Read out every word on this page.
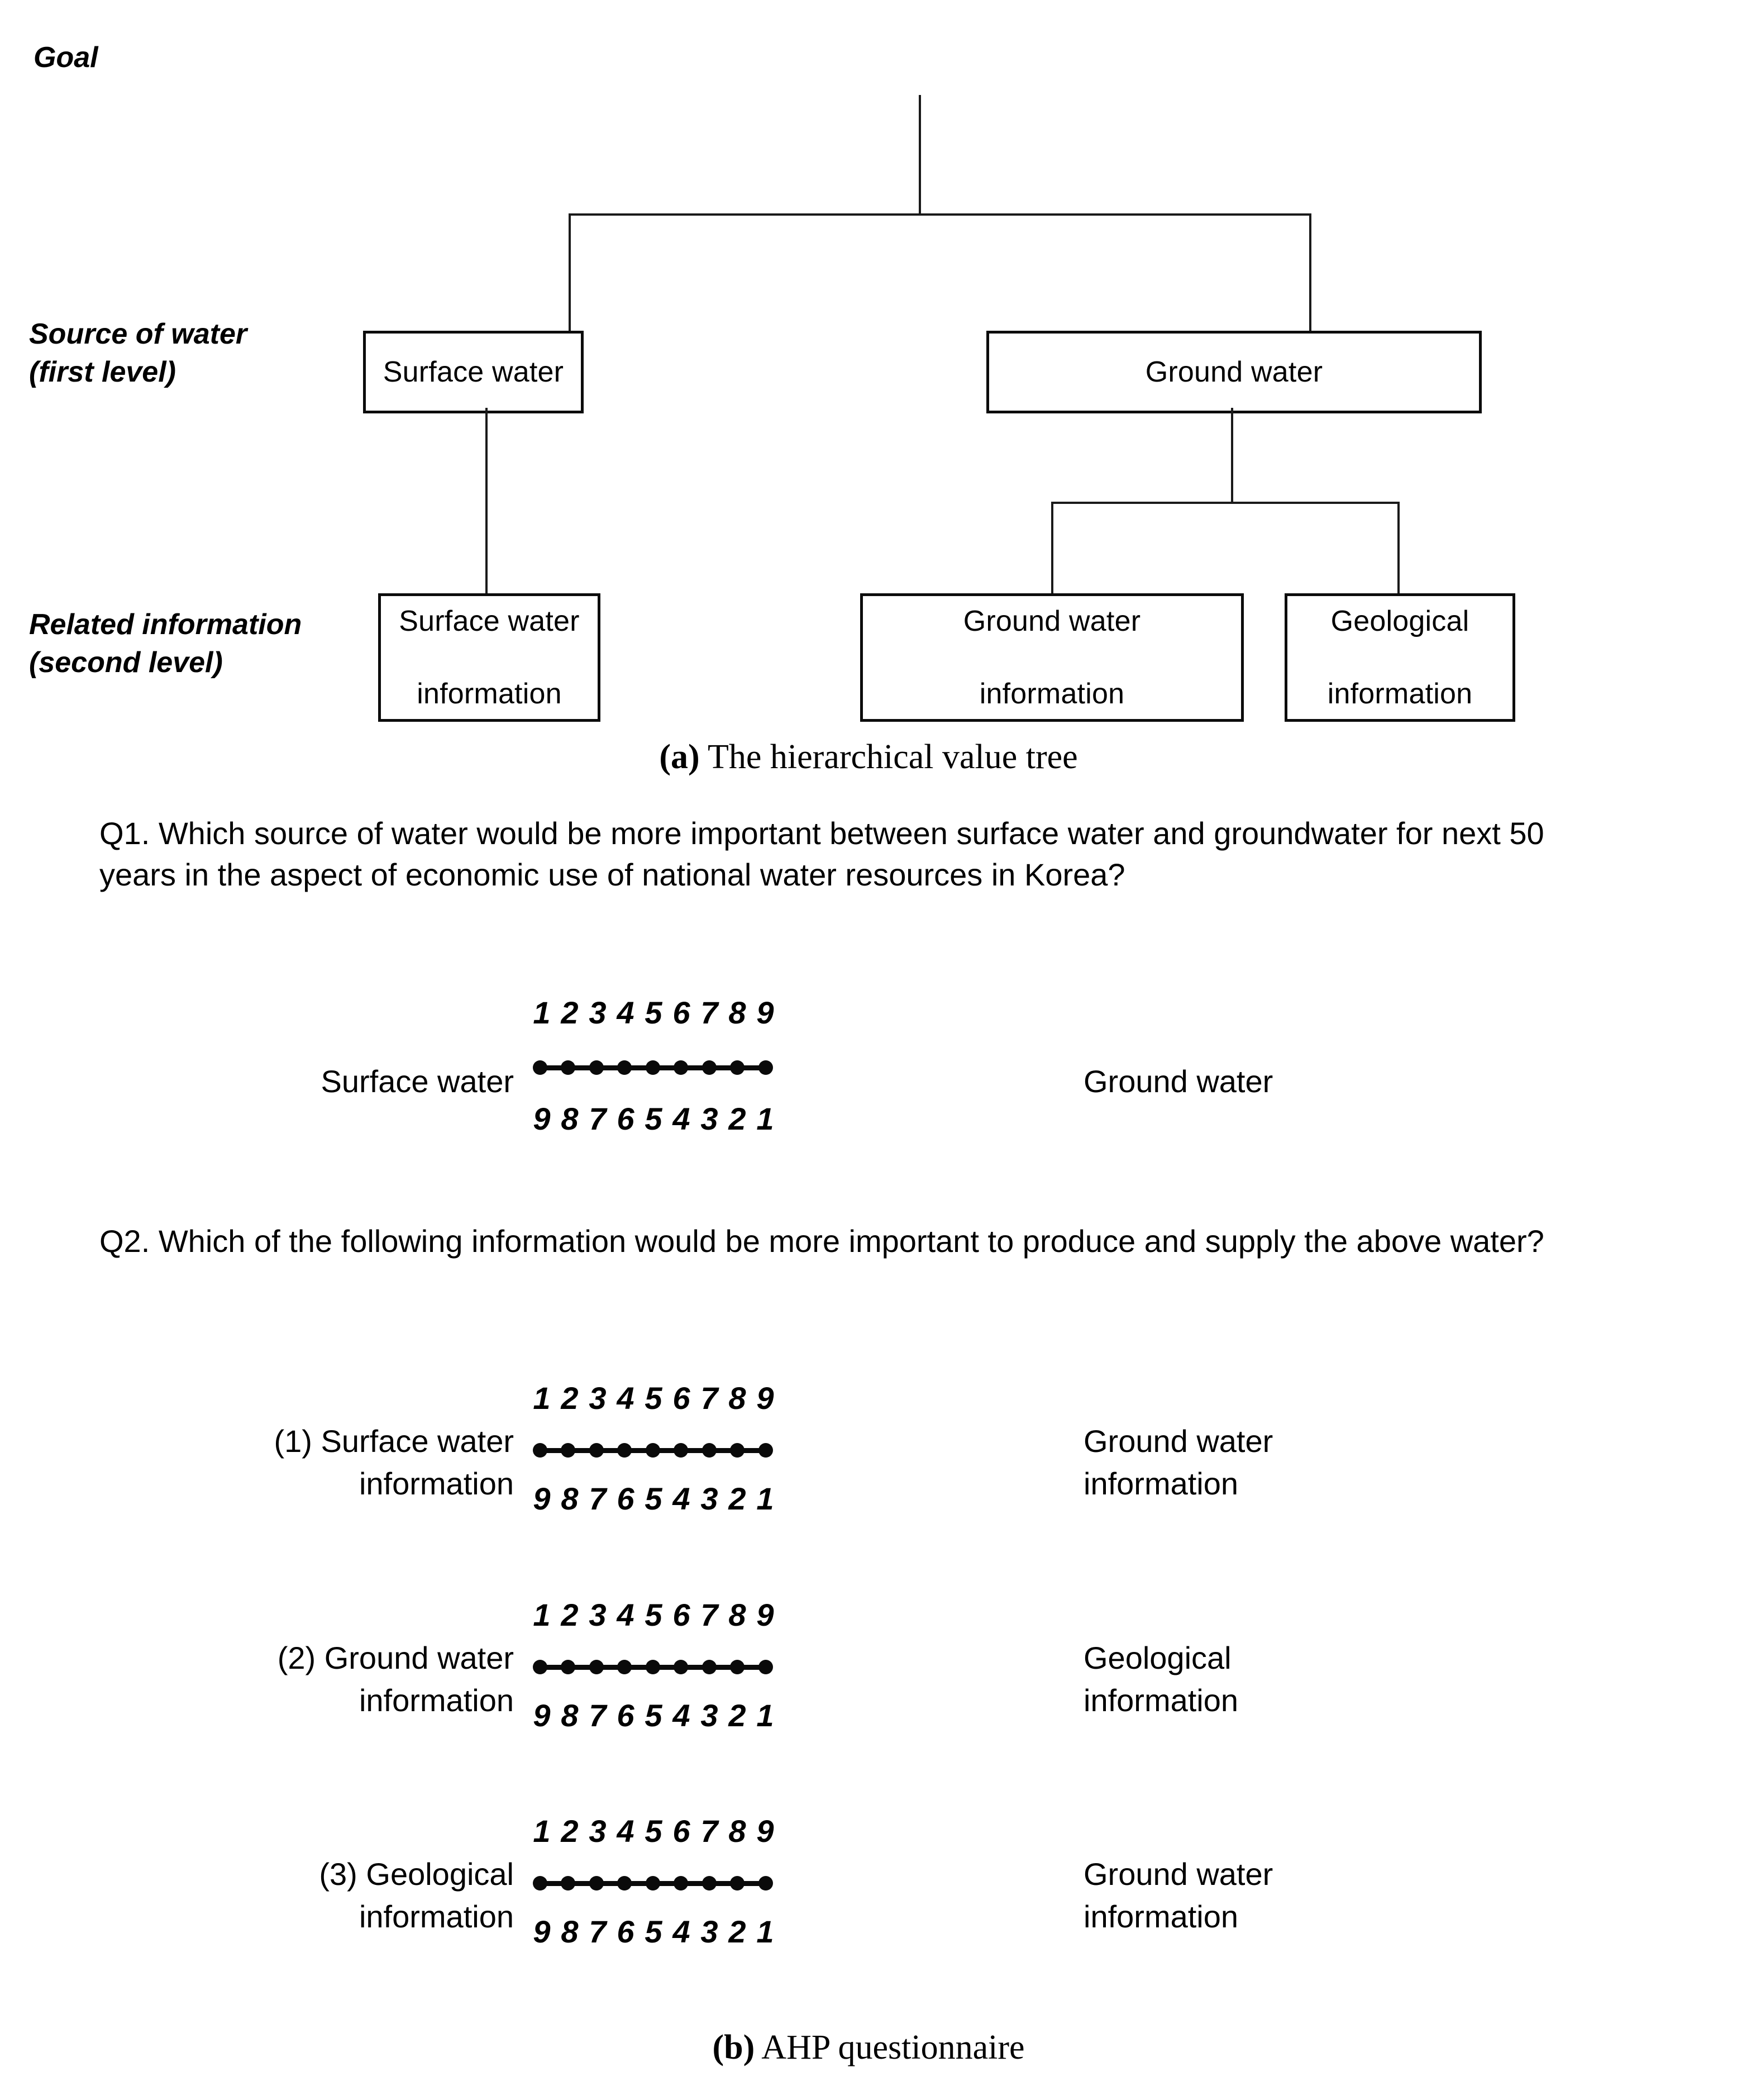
Goal
Source of water
(first level)
Related information
(second level)
Surface water	Ground water
Surface water

information
Ground water

information
Geological

information
(a) The hierarchical value tree
Q1. Which source of water would be more important between surface water and groundwater for next 50 years in the aspect of economic use of national water resources in Korea?
Surface water
1 2 3 4 5 6 7 8 9
9 8 7 6 5 4 3 2 1
Ground water
Q2. Which of the following information would be more important to produce and supply the above water?
(1) Surface water
information
1 2 3 4 5 6 7 8 9
9 8 7 6 5 4 3 2 1
Ground water
information
(2) Ground water
information
1 2 3 4 5 6 7 8 9
9 8 7 6 5 4 3 2 1
Geological
information
(3) Geological
information
1 2 3 4 5 6 7 8 9
9 8 7 6 5 4 3 2 1
Ground water
information
(b) AHP questionnaire
